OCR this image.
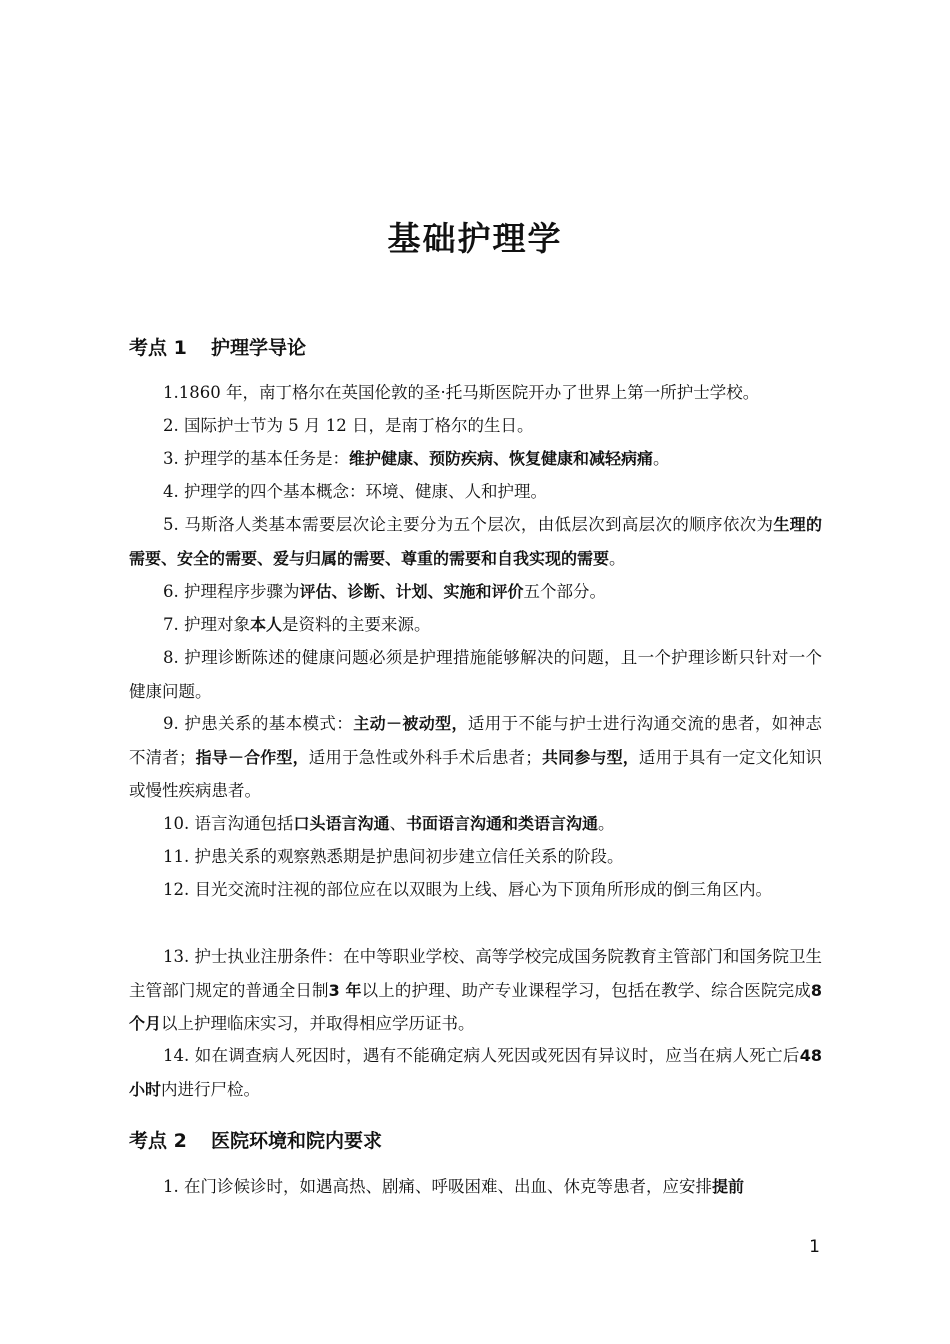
基础护理学
考点 1 护理学导论
1.1860 年，南丁格尔在英国伦敦的圣·托马斯医院开办了世界上第一所护士学校。
2. 国际护士节为 5 月 12 日，是南丁格尔的生日。
3. 护理学的基本任务是：维护健康、预防疾病、恢复健康和减轻病痛。
4. 护理学的四个基本概念：环境、健康、人和护理。
5. 马斯洛人类基本需要层次论主要分为五个层次，由低层次到高层次的顺序依次为生理的需要、安全的需要、爱与归属的需要、尊重的需要和自我实现的需要。
6. 护理程序步骤为评估、诊断、计划、实施和评价五个部分。
7. 护理对象本人是资料的主要来源。
8. 护理诊断陈述的健康问题必须是护理措施能够解决的问题，且一个护理诊断只针对一个健康问题。
9. 护患关系的基本模式：主动－被动型，适用于不能与护士进行沟通交流的患者，如神志不清者；指导－合作型，适用于急性或外科手术后患者；共同参与型，适用于具有一定文化知识或慢性疾病患者。
10. 语言沟通包括口头语言沟通、书面语言沟通和类语言沟通。
11. 护患关系的观察熟悉期是护患间初步建立信任关系的阶段。
12. 目光交流时注视的部位应在以双眼为上线、唇心为下顶角所形成的倒三角区内。
13. 护士执业注册条件：在中等职业学校、高等学校完成国务院教育主管部门和国务院卫生主管部门规定的普通全日制3 年以上的护理、助产专业课程学习，包括在教学、综合医院完成8 个月以上护理临床实习，并取得相应学历证书。
14. 如在调查病人死因时，遇有不能确定病人死因或死因有异议时，应当在病人死亡后48 小时内进行尸检。
考点 2 医院环境和院内要求
1. 在门诊候诊时，如遇高热、剧痛、呼吸困难、出血、休克等患者，应安排提前
1
